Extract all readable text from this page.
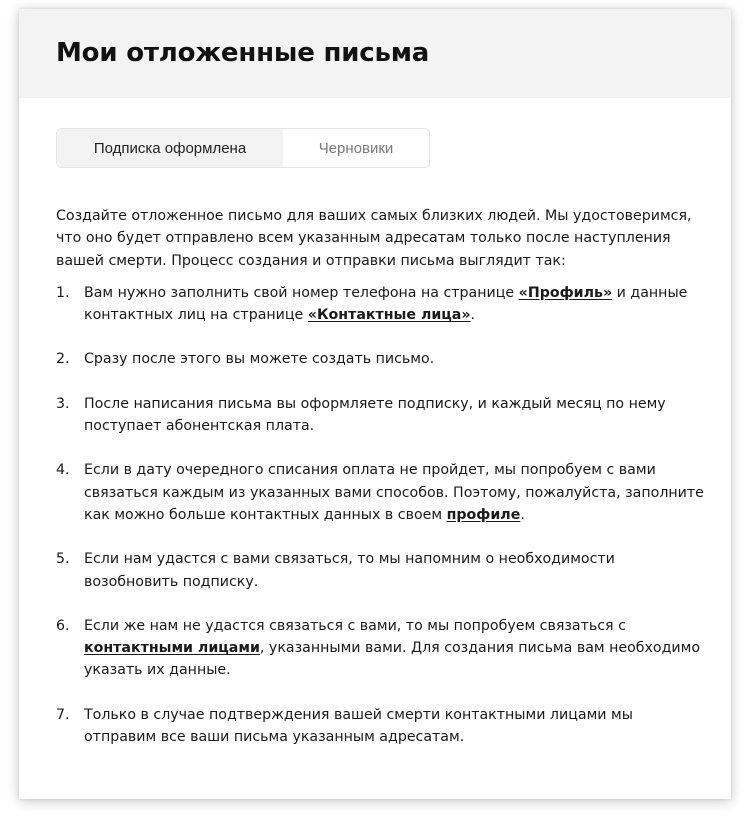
Мои отложенные письма
Подписка оформлена	Черновики

Создайте отложенное письмо для ваших самых близких людей. Мы удостоверимся, что оно будет отправлено всем указанным адресатам только после наступления вашей смерти. Процесс создания и отправки письма выглядит так:

1.	Вам нужно заполнить свой номер телефона на странице «Профиль» и данные контактных лиц на странице «Контактные лица».
2.	Сразу после этого вы можете создать письмо.
3.	После написания письма вы оформляете подписку, и каждый месяц по нему поступает абонентская плата.
4.	Если в дату очередного списания оплата не пройдет, мы попробуем с вами связаться каждым из указанных вами способов. Поэтому, пожалуйста, заполните как можно больше контактных данных в своем профиле.
5.	Если нам удастся с вами связаться, то мы напомним о необходимости возобновить подписку.
6.	Если же нам не удастся связаться с вами, то мы попробуем связаться с контактными лицами, указанными вами. Для создания письма вам необходимо указать их данные.
7.	Только в случае подтверждения вашей смерти контактными лицами мы отправим все ваши письма указанным адресатам.
